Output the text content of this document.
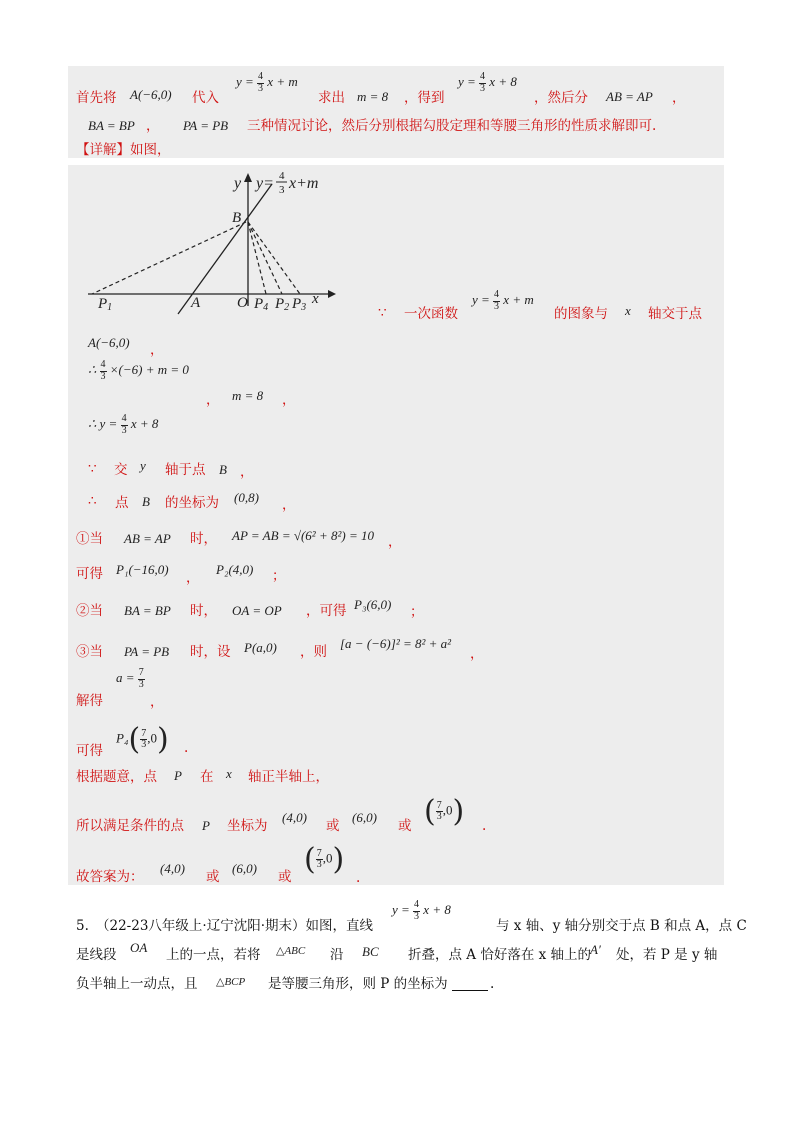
首先将 A(−6,0) 代入
$y = \frac{4}{3}$ x + m
求出 m = 8 ，得到
$y = \frac{4}{3}$ x + 8
，然后分 AB = AP ，
BA = BP ， PA = PB 三种情况讨论，然后分别根据勾股定理和等腰三角形的性质求解即可.
【详解】如图，
y y= 4
3 x+m
B
x
P1	A O P4 P2 P3	∵ 一次函数
$y = \frac{4}{3}$ x + m
的图象与 x 轴交于点
A(−6,0) ，
∴ $\frac{4}{3} \times(-6) + m = 0$
， m = 8 ，
∴ $y = \frac{4}{3}$ x + 8
∵ 交 y 轴于点 B ，
∴ 点 B 的坐标为 (0,8) ，
①当 AB = AP 时， AP = AB = √(6² + 8²) = 10 ，
可得 P₁(−16,0)
，
P₂(4,0) ；
②当 BA = BP 时， OA = OP ，可得 P₃(6,0) ；
③当 PA = PB 时，设 P(a,0) ，则
[a − (−6)]² = 8² + a²
，
$a = \frac{7}{3}$
解得	，
$P_4( \frac{7}{3} ,0)$
可得	.
根据题意，点 P 在 x 轴正半轴上，
所以满足条件的点 P 坐标为
(4,0)
或
(6,0)
或 ( $\frac{7}{3} ,0$) .
故答案为：
(4,0)
或
(6,0)
或 ( $\frac{7}{3} ,0$)
.
5. （22-23八年级上·辽宁沈阳·期末）如图，直线
$y = \frac{4}{3}$ x + 8
与 x 轴、y 轴分别交于点 B 和点 A，点 C
是线段 OA 上的一点，若将 △ABC 沿 BC 折叠，点 A 恰好落在 x 轴上的
A′ 处，若 P 是 y 轴
负半轴上一动点，且 △BCP 是等腰三角形，则 P 的坐标为	.
